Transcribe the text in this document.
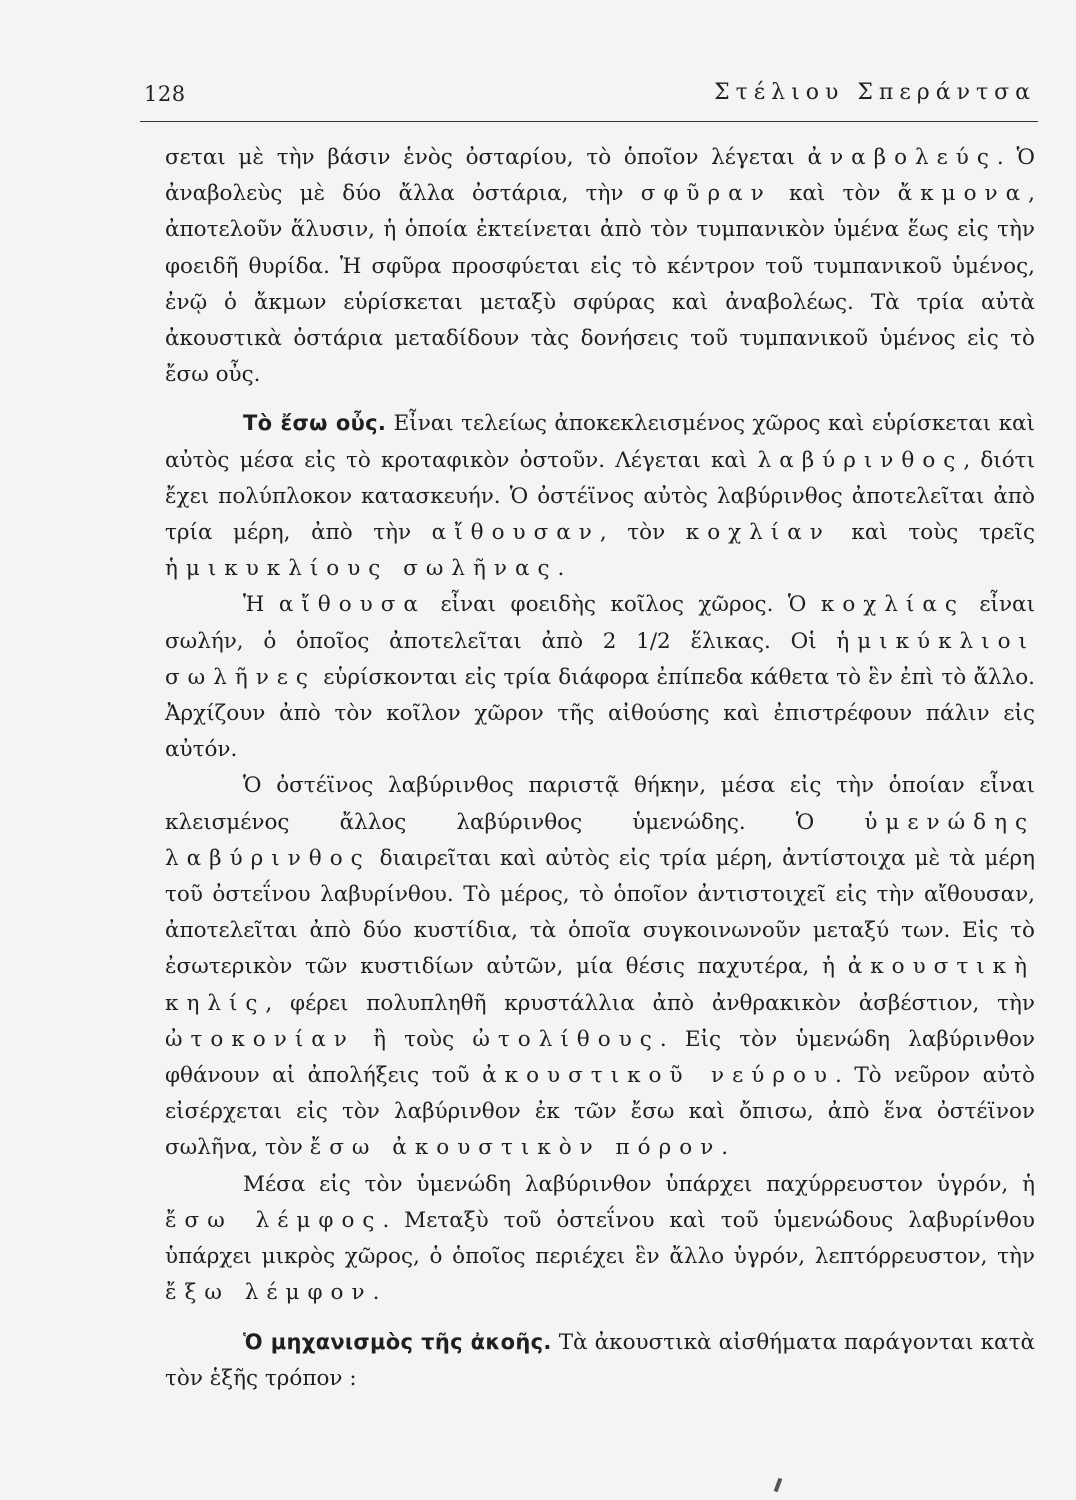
128	Στέλιου Σπεράντσα

σεται μὲ τὴν βάσιν ἑνὸς ὀσταρίου, τὸ ὁποῖον λέγεται ἀναβολεύς. Ὁ ἀναβολεὺς μὲ δύο ἄλλα ὀστάρια, τὴν σφῦραν καὶ τὸν ἄκμονα, ἀποτελοῦν ἅλυσιν, ἡ ὁποία ἐκτείνεται ἀπὸ τὸν τυμπανικὸν ὑμένα ἕως εἰς τὴν φοειδῆ θυρίδα. Ἡ σφῦρα προσφύεται εἰς τὸ κέντρον τοῦ τυμπανικοῦ ὑμένος, ἐνῷ ὁ ἄκμων εὑρίσκεται μεταξὺ σφύρας καὶ ἀναβολέως. Τὰ τρία αὐτὰ ἀκουστικὰ ὀστάρια μεταδίδουν τὰς δονήσεις τοῦ τυμπανικοῦ ὑμένος εἰς τὸ ἔσω οὖς.

Τὸ ἔσω οὖς. Εἶναι τελείως ἀποκεκλεισμένος χῶρος καὶ εὑρίσκεται καὶ αὐτὸς μέσα εἰς τὸ κροταφικὸν ὀστοῦν. Λέγεται καὶ λαβύρινθος, διότι ἔχει πολύπλοκον κατασκευήν. Ὁ ὀστέϊνος αὐτὸς λαβύρινθος ἀποτελεῖται ἀπὸ τρία μέρη, ἀπὸ τὴν αἴθουσαν, τὸν κοχλίαν καὶ τοὺς τρεῖς ἡμικυκλίους σωλῆνας.

Ἡ αἴθουσα εἶναι φοειδὴς κοῖλος χῶρος. Ὁ κοχλίας εἶναι σωλήν, ὁ ὁποῖος ἀποτελεῖται ἀπὸ 2 1/2 ἕλικας. Οἱ ἡμικύκλιοι σωλῆνες εὑρίσκονται εἰς τρία διάφορα ἐπίπεδα κάθετα τὸ ἓν ἐπὶ τὸ ἄλλο. Ἀρχίζουν ἀπὸ τὸν κοῖλον χῶρον τῆς αἰθούσης καὶ ἐπιστρέφουν πάλιν εἰς αὐτόν.

Ὁ ὀστέϊνος λαβύρινθος παριστᾷ θήκην, μέσα εἰς τὴν ὁποίαν εἶναι κλεισμένος ἄλλος λαβύρινθος ὑμενώδης. Ὁ ὑμενώδης λαβύρινθος διαιρεῖται καὶ αὐτὸς εἰς τρία μέρη, ἀντίστοιχα μὲ τὰ μέρη τοῦ ὀστεΐνου λαβυρίνθου. Τὸ μέρος, τὸ ὁποῖον ἀντιστοιχεῖ εἰς τὴν αἴθουσαν, ἀποτελεῖται ἀπὸ δύο κυστίδια, τὰ ὁποῖα συγκοινωνοῦν μεταξύ των. Εἰς τὸ ἐσωτερικὸν τῶν κυστιδίων αὐτῶν, μία θέσις παχυτέρα, ἡ ἀκουστικὴ κηλίς, φέρει πολυπληθῆ κρυστάλλια ἀπὸ ἀνθρακικὸν ἀσβέστιον, τὴν ὠτοκονίαν ἢ τοὺς ὠτολίθους. Εἰς τὸν ὑμενώδη λαβύρινθον φθάνουν αἱ ἀπολήξεις τοῦ ἀκουστικοῦ νεύρου. Τὸ νεῦρον αὐτὸ εἰσέρχεται εἰς τὸν λαβύρινθον ἐκ τῶν ἔσω καὶ ὄπισω, ἀπὸ ἕνα ὀστέϊνον σωλῆνα, τὸν ἔσω ἀκουστικὸν πόρον.

Μέσα εἰς τὸν ὑμενώδη λαβύρινθον ὑπάρχει παχύρρευστον ὑγρόν, ἡ ἔσω λέμφος. Μεταξὺ τοῦ ὀστεΐνου καὶ τοῦ ὑμενώδους λαβυρίνθου ὑπάρχει μικρὸς χῶρος, ὁ ὁποῖος περιέχει ἓν ἄλλο ὑγρόν, λεπτόρρευστον, τὴν ἔξω λέμφον.

Ὁ μηχανισμὸς τῆς ἀκοῆς. Τὰ ἀκουστικὰ αἰσθήματα παράγονται κατὰ τὸν ἑξῆς τρόπον :
